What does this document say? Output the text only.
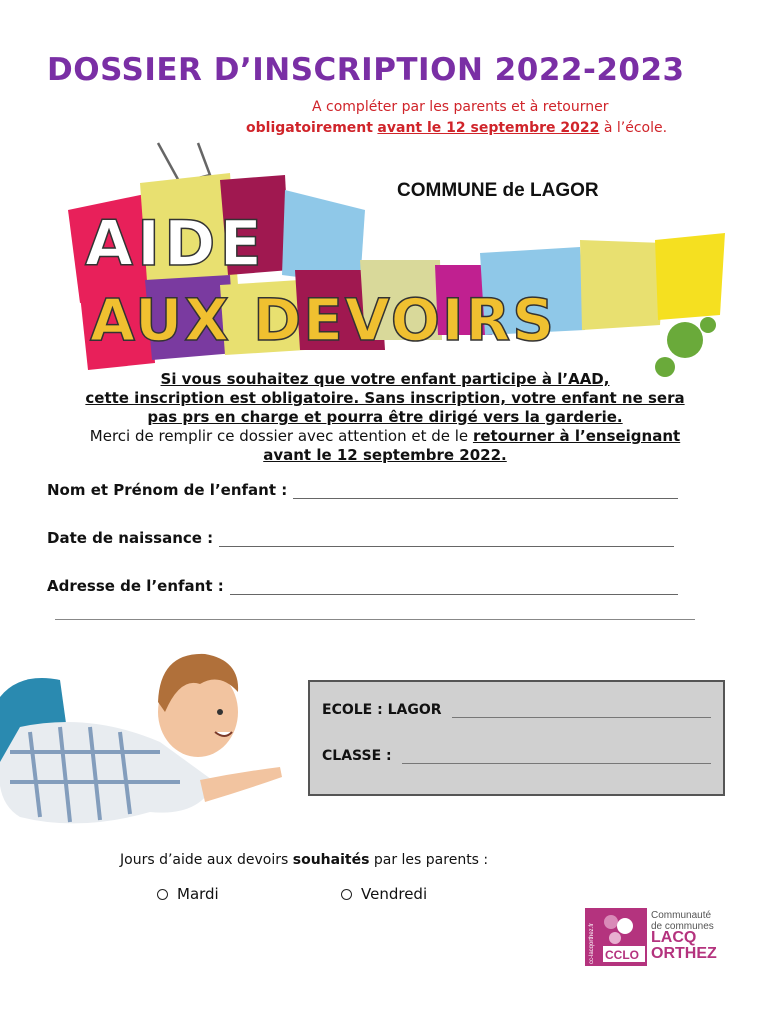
DOSSIER D’INSCRIPTION 2022-2023
A compléter par les parents et à retourner
obligatoirement avant le 12 septembre 2022 à l’école.
COMMUNE de LAGOR
AIDE
AUX DEVOIRS
Si vous souhaitez que votre enfant participe à l’AAD,
cette inscription est obligatoire. Sans inscription, votre enfant ne sera
pas prs en charge et pourra être dirigé vers la garderie.
Merci de remplir ce dossier avec attention et de le retourner à l’enseignant
avant le 12 septembre 2022.
Nom et Prénom de l’enfant :
Date de naissance :
Adresse de l’enfant :
ECOLE : LAGOR
CLASSE :
Jours d’aide aux devoirs souhaités par les parents :
Mardi	Vendredi
CCLO
cc-lacqorthez.fr
Communauté
de communes
LACQ
ORTHEZ
